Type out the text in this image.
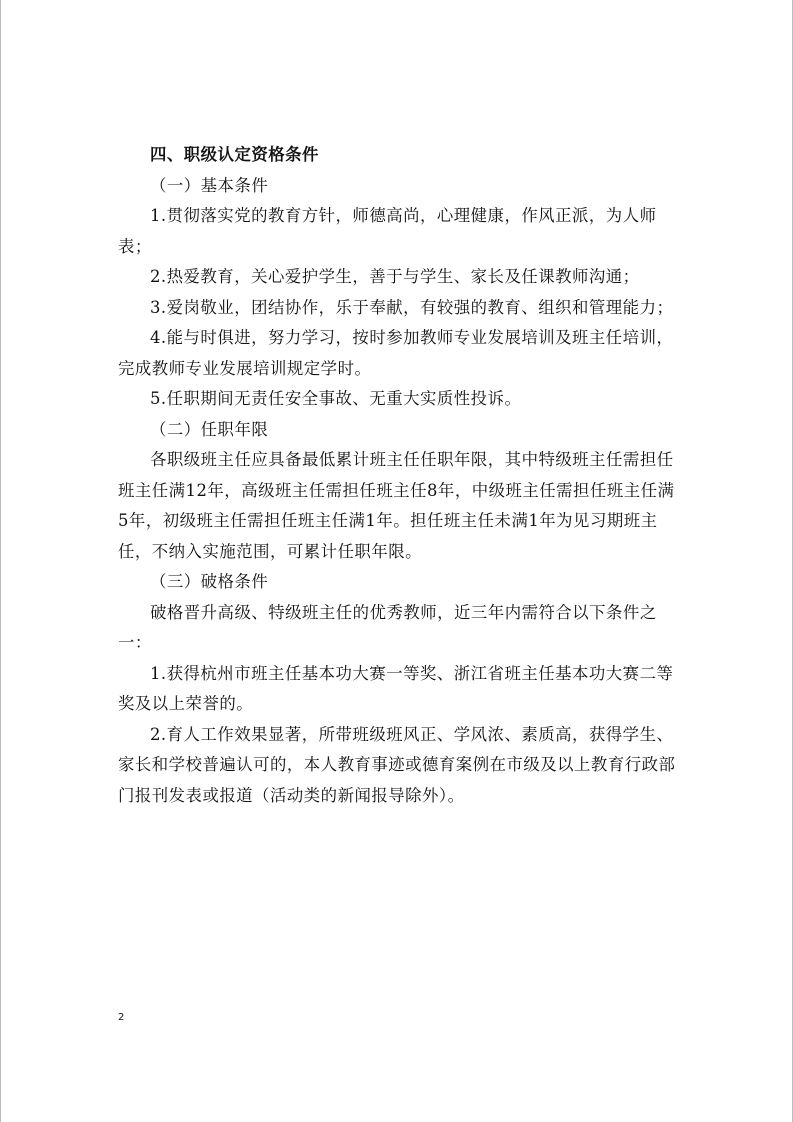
四、职级认定资格条件

（一）基本条件

1.贯彻落实党的教育方针，师德高尚，心理健康，作风正派，为人师表；

2.热爱教育，关心爱护学生，善于与学生、家长及任课教师沟通；

3.爱岗敬业，团结协作，乐于奉献，有较强的教育、组织和管理能力；

4.能与时俱进，努力学习，按时参加教师专业发展培训及班主任培训，完成教师专业发展培训规定学时。

5.任职期间无责任安全事故、无重大实质性投诉。

（二）任职年限

各职级班主任应具备最低累计班主任任职年限，其中特级班主任需担任班主任满12年，高级班主任需担任班主任8年，中级班主任需担任班主任满5年，初级班主任需担任班主任满1年。担任班主任未满1年为见习期班主任，不纳入实施范围，可累计任职年限。

（三）破格条件

破格晋升高级、特级班主任的优秀教师，近三年内需符合以下条件之一：

1.获得杭州市班主任基本功大赛一等奖、浙江省班主任基本功大赛二等奖及以上荣誉的。

2.育人工作效果显著，所带班级班风正、学风浓、素质高，获得学生、家长和学校普遍认可的，本人教育事迹或德育案例在市级及以上教育行政部门报刊发表或报道（活动类的新闻报导除外）。

2
